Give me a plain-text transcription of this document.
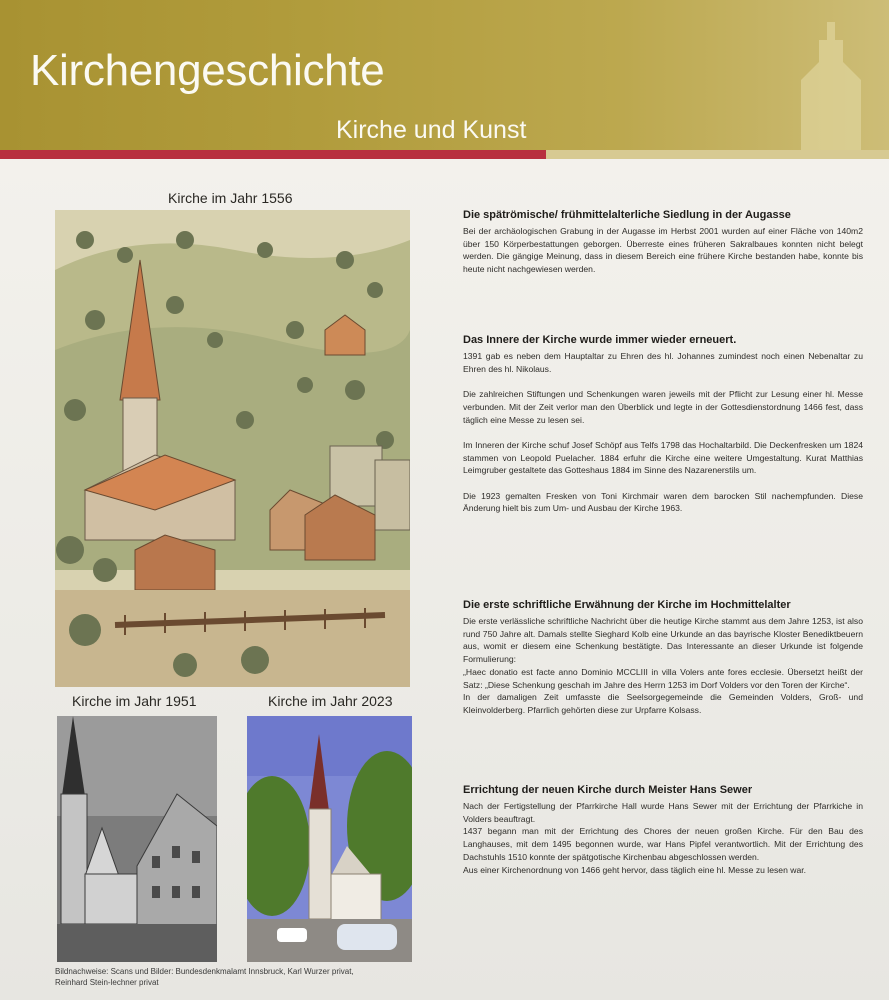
Kirchengeschichte
Kirche und Kunst
Kirche im Jahr 1556
Kirche im Jahr 1951	Kirche im Jahr 2023
Bildnachweise: Scans und Bilder: Bundesdenkmalamt Innsbruck, Karl Wurzer privat, Reinhard Stein-lechner privat
Die spätrömische/ frühmittelalterliche Siedlung in der Augasse

Bei der archäologischen Grabung in der Augasse im Herbst 2001 wurden auf einer Fläche von 140m2 über 150 Körperbestattungen geborgen. Überreste eines früheren Sakralbaues konnten nicht belegt werden. Die gängige Meinung, dass in diesem Bereich eine frühere Kirche bestanden habe, konnte bis heute nicht nachgewiesen werden.

Das Innere der Kirche wurde immer wieder erneuert.

1391 gab es neben dem Hauptaltar zu Ehren des hl. Johannes zumindest noch einen Nebenaltar zu Ehren des hl. Nikolaus.

Die zahlreichen Stiftungen und Schenkungen waren jeweils mit der Pflicht zur Lesung einer hl. Messe verbunden. Mit der Zeit verlor man den Überblick und legte in der Gottesdienstordnung 1466 fest, dass täglich eine Messe zu lesen sei.

Im Inneren der Kirche schuf Josef Schöpf aus Telfs 1798 das Hochaltarbild. Die Deckenfresken um 1824 stammen von Leopold Puelacher. 1884 erfuhr die Kirche eine weitere Umgestaltung. Kurat Matthias Leimgruber gestaltete das Gotteshaus 1884 im Sinne des Nazarenerstils um.

Die 1923 gemalten Fresken von Toni Kirchmair waren dem barocken Stil nachempfunden. Diese Änderung hielt bis zum Um- und Ausbau der Kirche 1963.

Die erste schriftliche Erwähnung der Kirche im Hochmittelalter

Die erste verlässliche schriftliche Nachricht über die heutige Kirche stammt aus dem Jahre 1253, ist also rund 750 Jahre alt. Damals stellte Sieghard Kolb eine Urkunde an das bayrische Kloster Benediktbeuern aus, womit er diesem eine Schenkung bestätigte. Das Interessante an dieser Urkunde ist folgende Formulierung:

„Haec donatio est facte anno Dominio MCCLIII in villa Volers ante fores ecclesie. Übersetzt heißt der Satz: „Diese Schenkung geschah im Jahre des Herrn 1253 im Dorf Volders vor den Toren der Kirche“.

In der damaligen Zeit umfasste die Seelsorgegemeinde die Gemeinden Volders, Groß- und Kleinvolderberg. Pfarrlich gehörten diese zur Urpfarre Kolsass.

Errichtung der neuen Kirche durch Meister Hans Sewer

Nach der Fertigstellung der Pfarrkirche Hall wurde Hans Sewer mit der Errichtung der Pfarrkiche in Volders beauftragt.

1437 begann man mit der Errichtung des Chores der neuen großen Kirche. Für den Bau des Langhauses, mit dem 1495 begonnen wurde, war Hans Pipfel verantwortlich. Mit der Errichtung des Dachstuhls 1510 konnte der spätgotische Kirchenbau abgeschlossen werden.

Aus einer Kirchenordnung von 1466 geht hervor, dass täglich eine hl. Messe zu lesen war.
